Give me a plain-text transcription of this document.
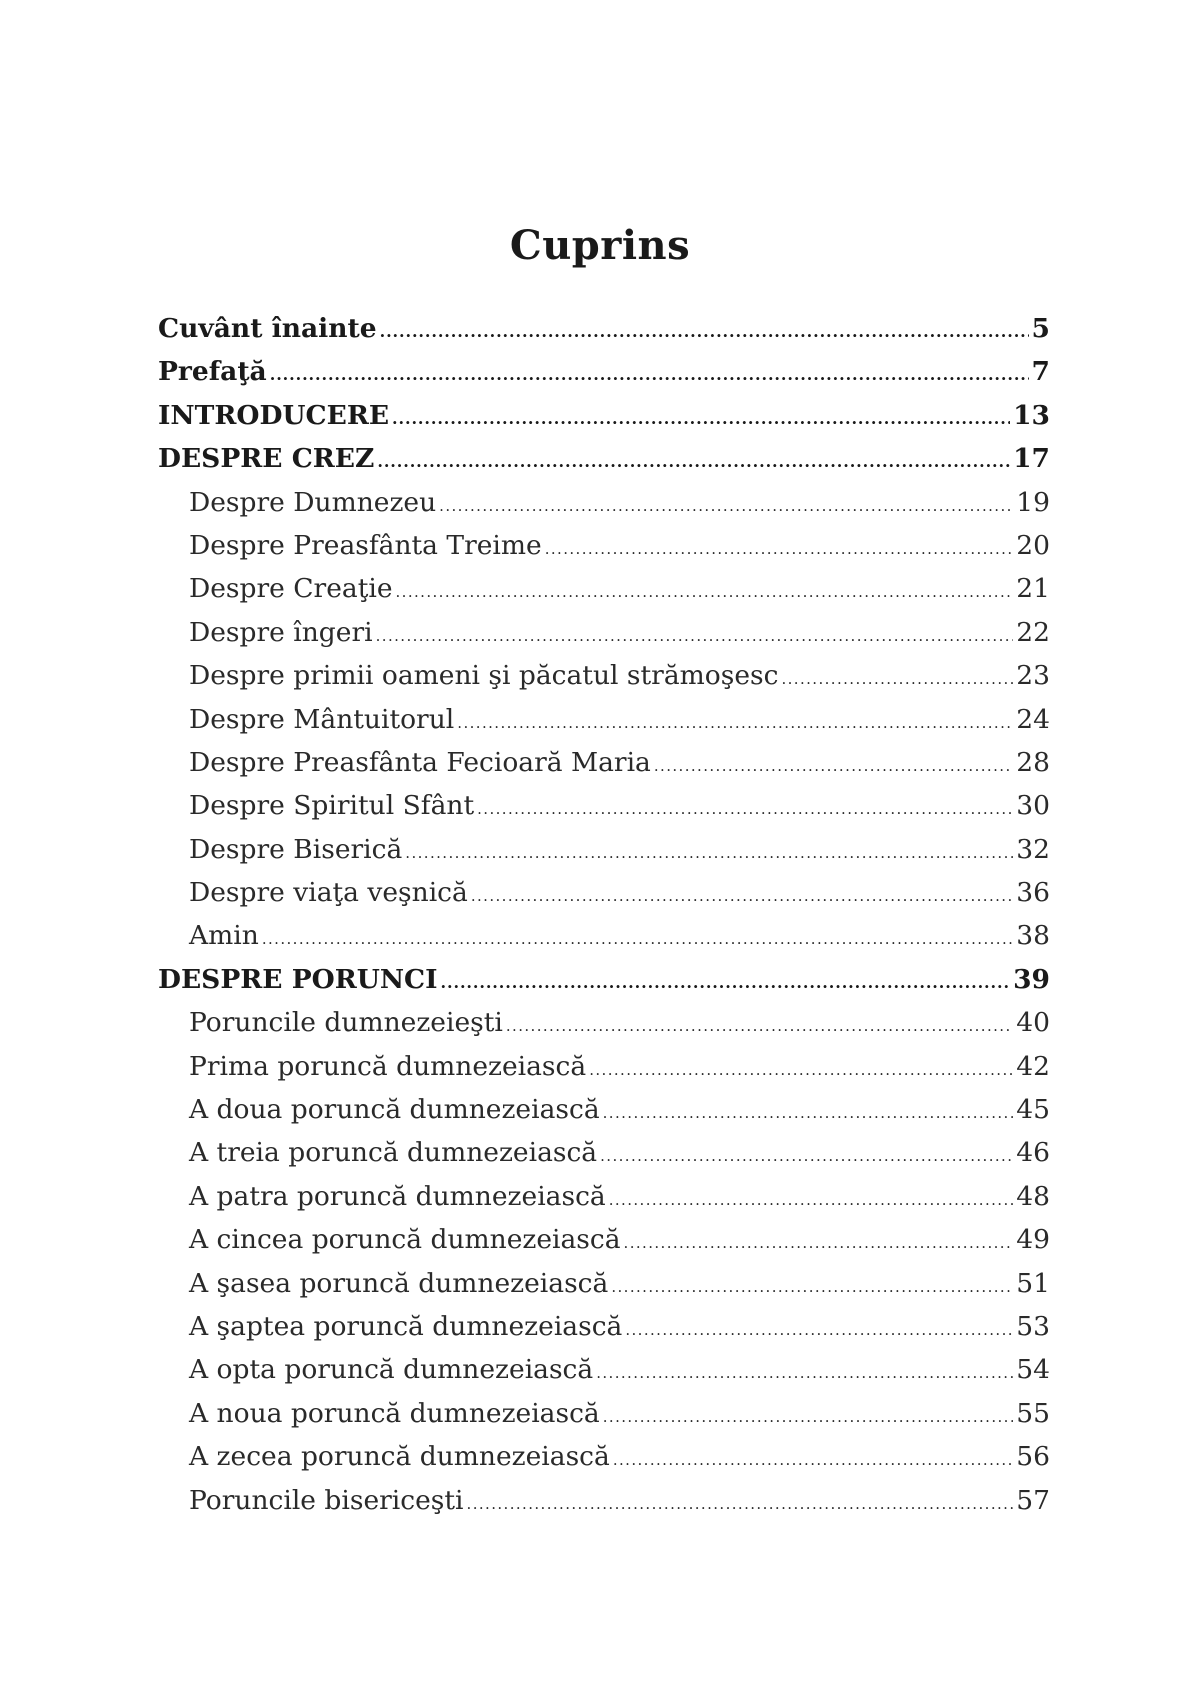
Cuprins
Cuvânt înainte .....	5
Prefaţă .....	7
INTRODUCERE .....	13
DESPRE CREZ .....	17
Despre Dumnezeu .....	19
Despre Preasfânta Treime .....	20
Despre Creaţie .....	21
Despre îngeri .....	22
Despre primii oameni şi păcatul strămoşesc .....	23
Despre Mântuitorul .....	24
Despre Preasfânta Fecioară Maria .....	28
Despre Spiritul Sfânt .....	30
Despre Biserică .....	32
Despre viaţa veşnică .....	36
Amin .....	38
DESPRE PORUNCI .....	39
Poruncile dumnezeieşti .....	40
Prima poruncă dumnezeiască .....	42
A doua poruncă dumnezeiască .....	45
A treia poruncă dumnezeiască .....	46
A patra poruncă dumnezeiască .....	48
A cincea poruncă dumnezeiască .....	49
A şasea poruncă dumnezeiască .....	51
A şaptea poruncă dumnezeiască .....	53
A opta poruncă dumnezeiască .....	54
A noua poruncă dumnezeiască .....	55
A zecea poruncă dumnezeiască .....	56
Poruncile bisericeşti .....	57
